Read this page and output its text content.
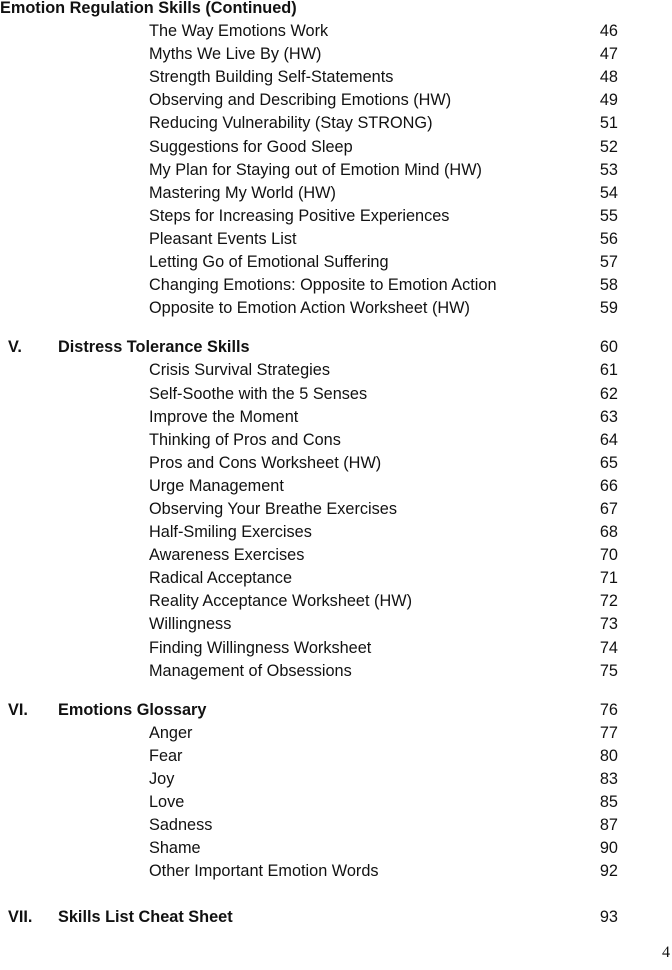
Emotion Regulation Skills (Continued)
The Way Emotions Work	46
Myths We Live By (HW)	47
Strength Building Self-Statements	48
Observing and Describing Emotions (HW)	49
Reducing Vulnerability (Stay STRONG)	51
Suggestions for Good Sleep	52
My Plan for Staying out of Emotion Mind (HW)	53
Mastering My World (HW)	54
Steps for Increasing Positive Experiences	55
Pleasant Events List	56
Letting Go of Emotional Suffering	57
Changing Emotions: Opposite to Emotion Action	58
Opposite to Emotion Action Worksheet (HW)	59
V. Distress Tolerance Skills	60
Crisis Survival Strategies	61
Self-Soothe with the 5 Senses	62
Improve the Moment	63
Thinking of Pros and Cons	64
Pros and Cons Worksheet (HW)	65
Urge Management	66
Observing Your Breathe Exercises	67
Half-Smiling Exercises	68
Awareness Exercises	70
Radical Acceptance	71
Reality Acceptance Worksheet (HW)	72
Willingness	73
Finding Willingness Worksheet	74
Management of Obsessions	75
VI. Emotions Glossary	76
Anger	77
Fear	80
Joy	83
Love	85
Sadness	87
Shame	90
Other Important Emotion Words	92
VII. Skills List Cheat Sheet	93
4
